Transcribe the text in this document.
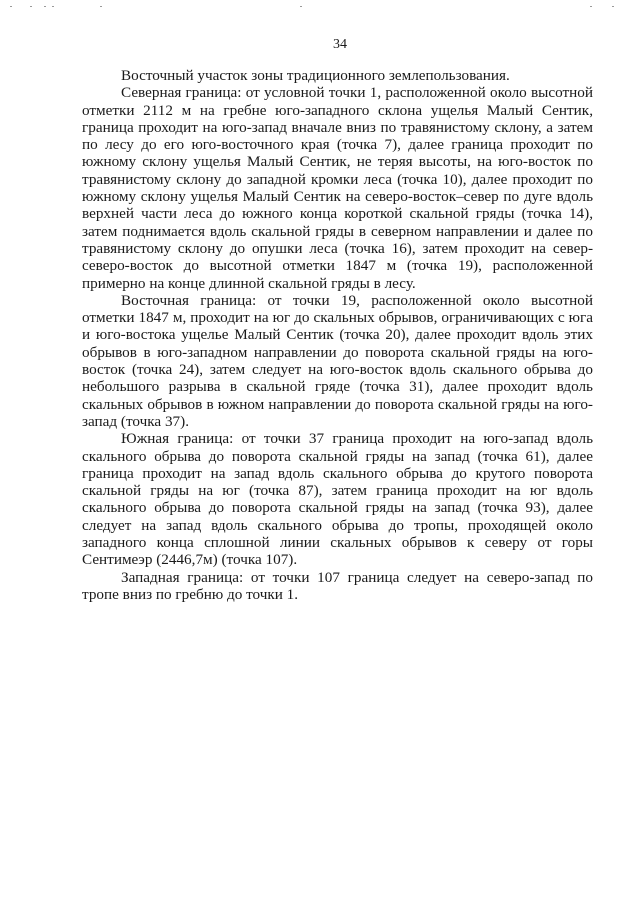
34

Восточный участок зоны традиционного землепользования.

Северная граница: от условной точки 1, расположенной около высотной отметки 2112 м на гребне юго-западного склона ущелья Малый Сентик, граница проходит на юго-запад вначале вниз по травянистому склону, а затем по лесу до его юго-восточного края (точка 7), далее граница проходит по южному склону ущелья Малый Сентик, не теряя высоты, на юго-восток по травянистому склону до западной кромки леса (точка 10), далее проходит по южному склону ущелья Малый Сентик на северо-восток–север по дуге вдоль верхней части леса до южного конца короткой скальной гряды (точка 14), затем поднимается вдоль скальной гряды в северном направлении и далее по травянистому склону до опушки леса (точка 16), затем проходит на север-северо-восток до высотной отметки 1847 м (точка 19), расположенной примерно на конце длинной скальной гряды в лесу.

Восточная граница: от точки 19, расположенной около высотной отметки 1847 м, проходит на юг до скальных обрывов, ограничивающих с юга и юго-востока ущелье Малый Сентик (точка 20), далее проходит вдоль этих обрывов в юго-западном направлении до поворота скальной гряды на юго-восток (точка 24), затем следует на юго-восток вдоль скального обрыва до небольшого разрыва в скальной гряде (точка 31), далее проходит вдоль скальных обрывов в южном направлении до поворота скальной гряды на юго-запад (точка 37).

Южная граница: от точки 37 граница проходит на юго-запад вдоль скального обрыва до поворота скальной гряды на запад (точка 61), далее граница проходит на запад вдоль скального обрыва до крутого поворота скальной гряды на юг (точка 87), затем граница проходит на юг вдоль скального обрыва до поворота скальной гряды на запад (точка 93), далее следует на запад вдоль скального обрыва до тропы, проходящей около западного конца сплошной линии скальных обрывов к северу от горы Сентимеэр (2446,7м) (точка 107).

Западная граница: от точки 107 граница следует на северо-запад по тропе вниз по гребню до точки 1.
